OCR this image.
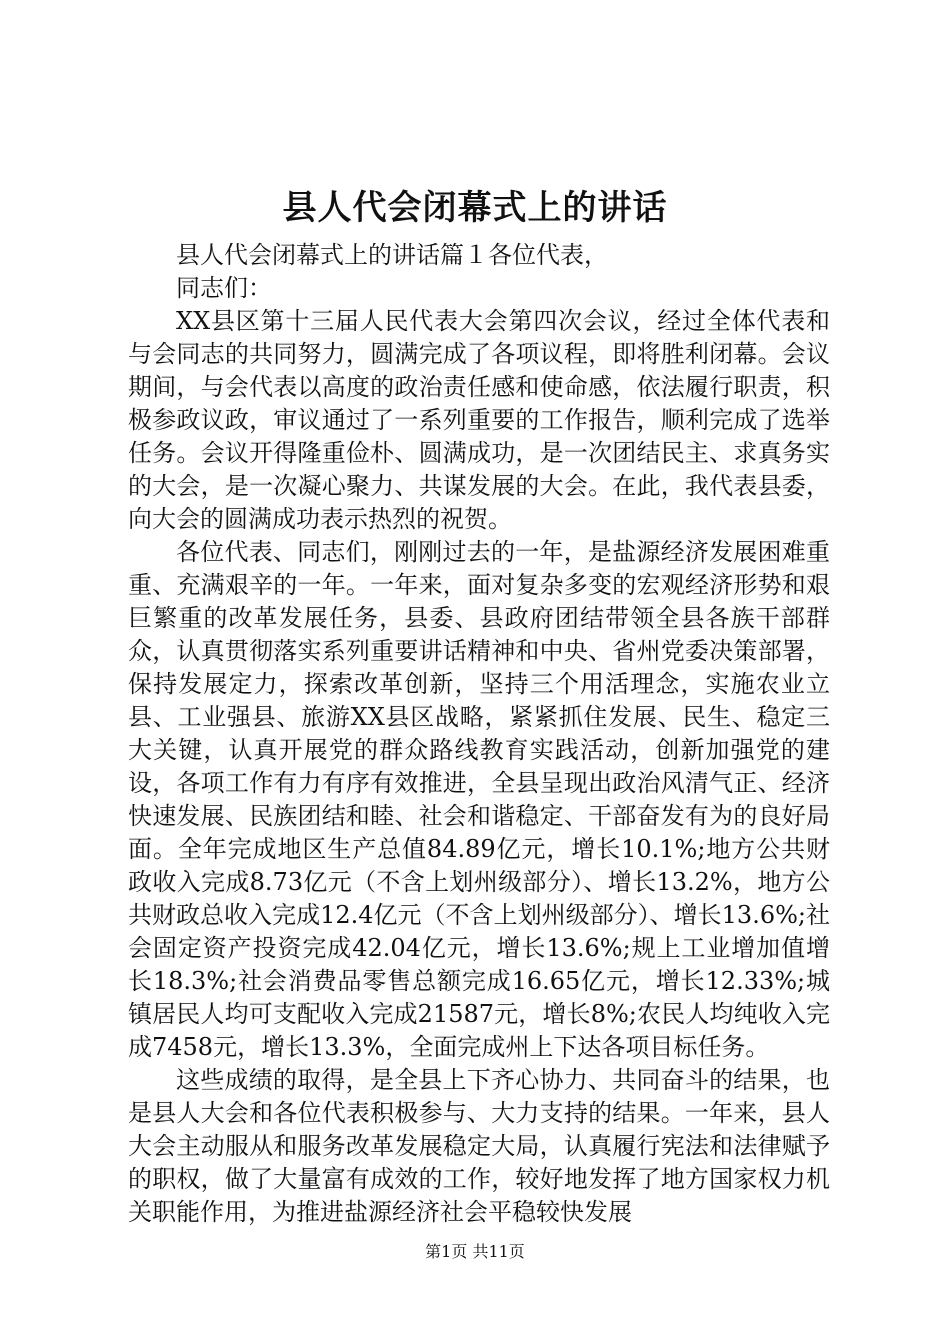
县人代会闭幕式上的讲话

县人代会闭幕式上的讲话篇１各位代表，

同志们：

XX县区第十三届人民代表大会第四次会议，经过全体代表和与会同志的共同努力，圆满完成了各项议程，即将胜利闭幕。会议期间，与会代表以高度的政治责任感和使命感，依法履行职责，积极参政议政，审议通过了一系列重要的工作报告，顺利完成了选举任务。会议开得隆重俭朴、圆满成功，是一次团结民主、求真务实的大会，是一次凝心聚力、共谋发展的大会。在此，我代表县委，向大会的圆满成功表示热烈的祝贺。

各位代表、同志们，刚刚过去的一年，是盐源经济发展困难重重、充满艰辛的一年。一年来，面对复杂多变的宏观经济形势和艰巨繁重的改革发展任务，县委、县政府团结带领全县各族干部群众，认真贯彻落实系列重要讲话精神和中央、省州党委决策部署，保持发展定力，探索改革创新，坚持三个用活理念，实施农业立县、工业强县、旅游XX县区战略，紧紧抓住发展、民生、稳定三大关键，认真开展党的群众路线教育实践活动，创新加强党的建设，各项工作有力有序有效推进，全县呈现出政治风清气正、经济快速发展、民族团结和睦、社会和谐稳定、干部奋发有为的良好局面。全年完成地区生产总值84.89亿元，增长10.1%;地方公共财政收入完成8.73亿元（不含上划州级部分）、增长13.2%，地方公共财政总收入完成12.4亿元（不含上划州级部分）、增长13.6%;社会固定资产投资完成42.04亿元，增长13.6%;规上工业增加值增长18.3%;社会消费品零售总额完成16.65亿元，增长12.33%;城镇居民人均可支配收入完成21587元，增长8%;农民人均纯收入完成7458元，增长13.3%，全面完成州上下达各项目标任务。

这些成绩的取得，是全县上下齐心协力、共同奋斗的结果，也是县人大会和各位代表积极参与、大力支持的结果。一年来，县人大会主动服从和服务改革发展稳定大局，认真履行宪法和法律赋予的职权，做了大量富有成效的工作，较好地发挥了地方国家权力机关职能作用，为推进盐源经济社会平稳较快发展

第1页 共11页
